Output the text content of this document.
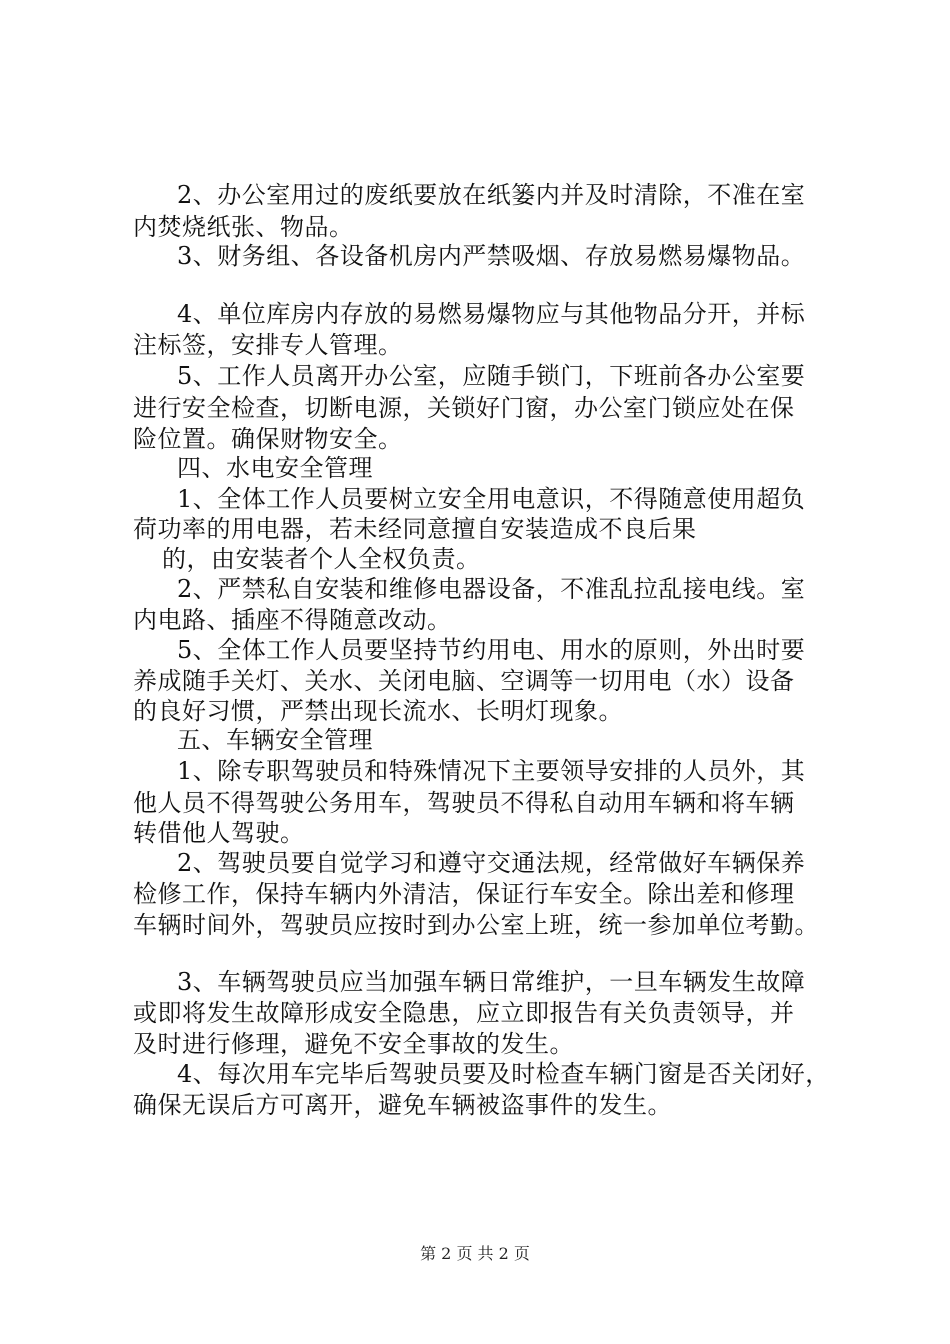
2、办公室用过的废纸要放在纸篓内并及时清除，不准在室
内焚烧纸张、物品。
3、财务组、各设备机房内严禁吸烟、存放易燃易爆物品。
4、单位库房内存放的易燃易爆物应与其他物品分开，并标
注标签，安排专人管理。
5、工作人员离开办公室，应随手锁门，下班前各办公室要
进行安全检查，切断电源，关锁好门窗，办公室门锁应处在保
险位置。确保财物安全。
四、水电安全管理
1、全体工作人员要树立安全用电意识，不得随意使用超负
荷功率的用电器，若未经同意擅自安装造成不良后果
的，由安装者个人全权负责。
2、严禁私自安装和维修电器设备，不准乱拉乱接电线。室
内电路、插座不得随意改动。
5、全体工作人员要坚持节约用电、用水的原则，外出时要
养成随手关灯、关水、关闭电脑、空调等一切用电（水）设备
的良好习惯，严禁出现长流水、长明灯现象。
五、车辆安全管理
1、除专职驾驶员和特殊情况下主要领导安排的人员外，其
他人员不得驾驶公务用车，驾驶员不得私自动用车辆和将车辆
转借他人驾驶。
2、驾驶员要自觉学习和遵守交通法规，经常做好车辆保养
检修工作，保持车辆内外清洁，保证行车安全。除出差和修理
车辆时间外，驾驶员应按时到办公室上班，统一参加单位考勤。
3、车辆驾驶员应当加强车辆日常维护，一旦车辆发生故障
或即将发生故障形成安全隐患，应立即报告有关负责领导，并
及时进行修理，避免不安全事故的发生。
4、每次用车完毕后驾驶员要及时检查车辆门窗是否关闭好，
确保无误后方可离开，避免车辆被盗事件的发生。
第 2 页 共 2 页
